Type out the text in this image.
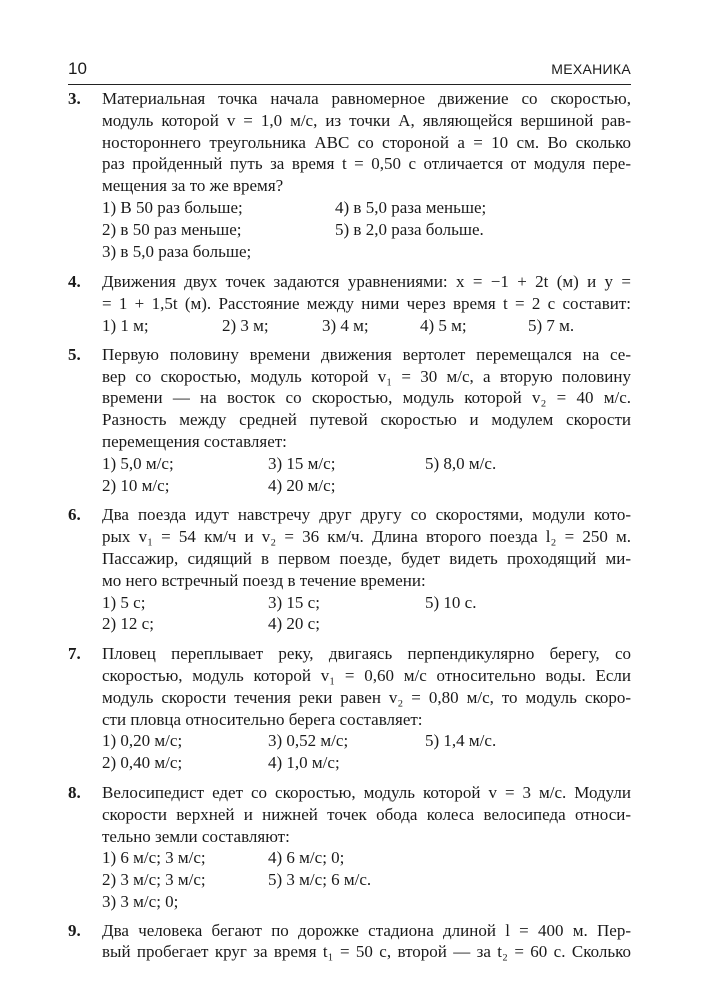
10	МЕХАНИКА
3. Материальная точка начала равномерное движение со скоростью,
модуль которой v = 1,0 м/с, из точки A, являющейся вершиной рав-
ностороннего треугольника ABC со стороной a = 10 см. Во сколько
раз пройденный путь за время t = 0,50 с отличается от модуля пере-
мещения за то же время?
1) В 50 раз больше;	4) в 5,0 раза меньше;
2) в 50 раз меньше;	5) в 2,0 раза больше.
3) в 5,0 раза больше;
4. Движения двух точек задаются уравнениями: x = −1 + 2t (м) и y =
= 1 + 1,5t (м). Расстояние между ними через время t = 2 с составит:
1) 1 м;	2) 3 м;	3) 4 м;	4) 5 м;	5) 7 м.
5. Первую половину времени движения вертолет перемещался на се-
вер со скоростью, модуль которой v₁ = 30 м/с, а вторую половину
времени — на восток со скоростью, модуль которой v₂ = 40 м/с.
Разность между средней путевой скоростью и модулем скорости
перемещения составляет:
1) 5,0 м/с;	3) 15 м/с;	5) 8,0 м/с.
2) 10 м/с;	4) 20 м/с;
6. Два поезда идут навстречу друг другу со скоростями, модули кото-
рых v₁ = 54 км/ч и v₂ = 36 км/ч. Длина второго поезда l₂ = 250 м.
Пассажир, сидящий в первом поезде, будет видеть проходящий ми-
мо него встречный поезд в течение времени:
1) 5 с;	3) 15 с;	5) 10 с.
2) 12 с;	4) 20 с;
7. Пловец переплывает реку, двигаясь перпендикулярно берегу, со
скоростью, модуль которой v₁ = 0,60 м/с относительно воды. Если
модуль скорости течения реки равен v₂ = 0,80 м/с, то модуль скоро-
сти пловца относительно берега составляет:
1) 0,20 м/с;	3) 0,52 м/с;	5) 1,4 м/с.
2) 0,40 м/с;	4) 1,0 м/с;
8. Велосипедист едет со скоростью, модуль которой v = 3 м/с. Модули
скорости верхней и нижней точек обода колеса велосипеда относи-
тельно земли составляют:
1) 6 м/с; 3 м/с;	4) 6 м/с; 0;
2) 3 м/с; 3 м/с;	5) 3 м/с; 6 м/с.
3) 3 м/с; 0;
9. Два человека бегают по дорожке стадиона длиной l = 400 м. Пер-
вый пробегает круг за время t₁ = 50 с, второй — за t₂ = 60 с. Сколько
